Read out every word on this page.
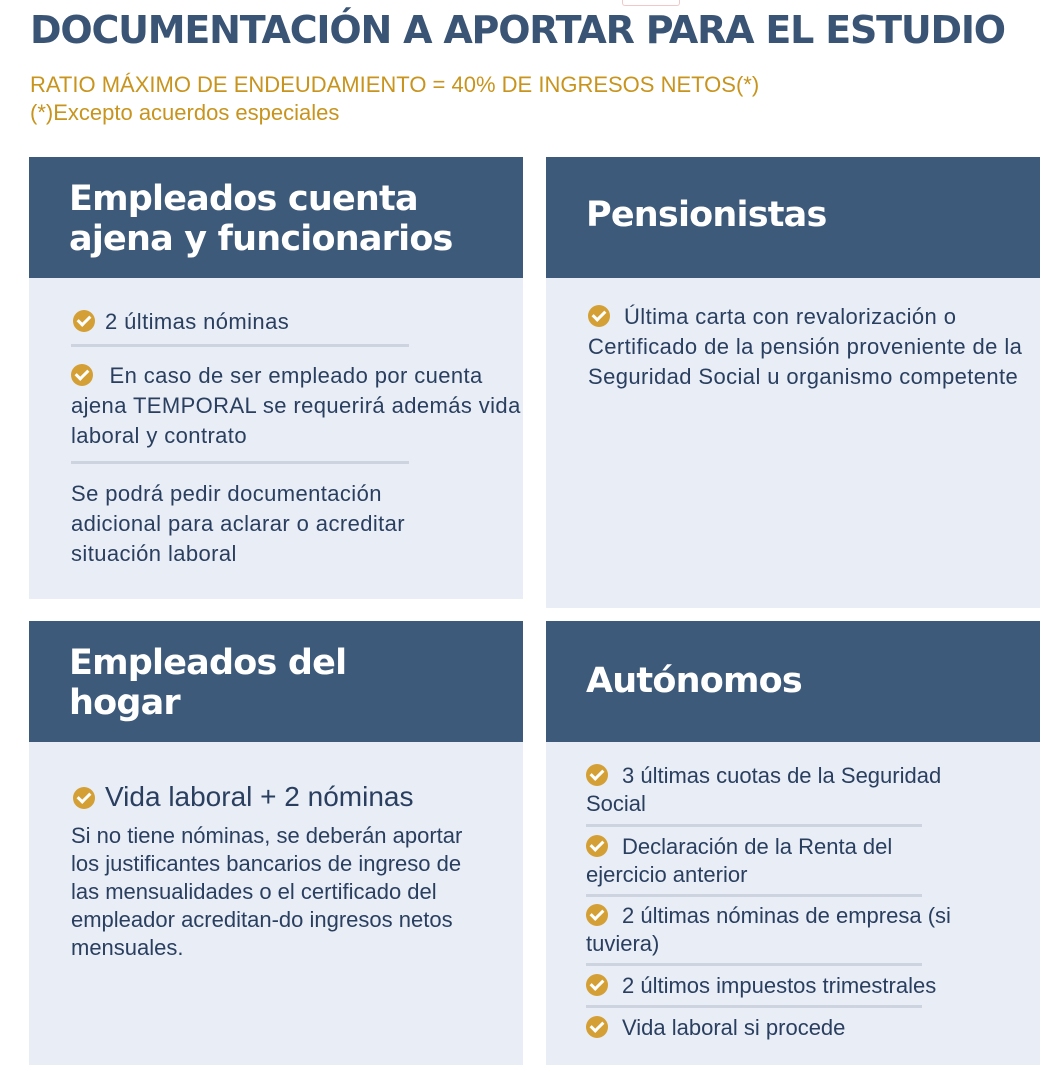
DOCUMENTACIÓN A APORTAR PARA EL ESTUDIO
RATIO MÁXIMO DE ENDEUDAMIENTO = 40% DE INGRESOS NETOS(*)
(*)Excepto acuerdos especiales
Empleados cuenta ajena y funcionarios
2 últimas nóminas
En caso de ser empleado por cuenta ajena TEMPORAL se requerirá además vida laboral y contrato
Se podrá pedir documentación adicional para aclarar o acreditar situación laboral
Pensionistas
Última carta con revalorización o Certificado de la pensión proveniente de la Seguridad Social u organismo competente
Empleados del hogar
Vida laboral + 2 nóminas
Si no tiene nóminas, se deberán aportar los justificantes bancarios de ingreso de las mensualidades o el certificado del empleador acreditan-do ingresos netos mensuales.
Autónomos
3 últimas cuotas de la Seguridad Social
Declaración de la Renta del ejercicio anterior
2 últimas nóminas de empresa (si tuviera)
2 últimos impuestos trimestrales
Vida laboral si procede
